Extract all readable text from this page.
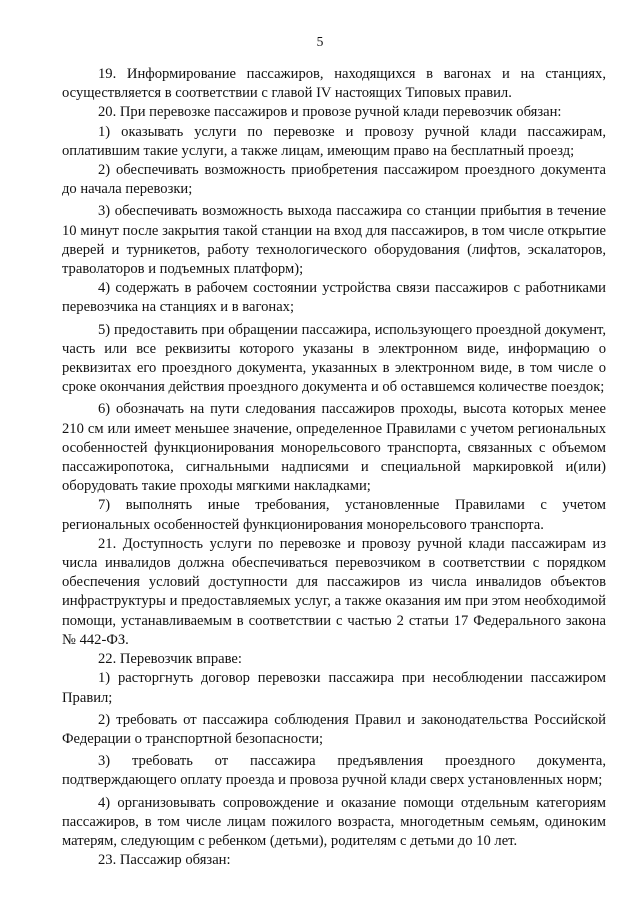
5

19. Информирование пассажиров, находящихся в вагонах и на станциях, осуществляется в соответствии с главой IV настоящих Типовых правил.

20. При перевозке пассажиров и провозе ручной клади перевозчик обязан:

1) оказывать услуги по перевозке и провозу ручной клади пассажирам, оплатившим такие услуги, а также лицам, имеющим право на бесплатный проезд;

2) обеспечивать возможность приобретения пассажиром проездного документа до начала перевозки;

3) обеспечивать возможность выхода пассажира со станции прибытия в течение 10 минут после закрытия такой станции на вход для пассажиров, в том числе открытие дверей и турникетов, работу технологического оборудования (лифтов, эскалаторов, траволаторов и подъемных платформ);

4) содержать в рабочем состоянии устройства связи пассажиров с работниками перевозчика на станциях и в вагонах;

5) предоставить при обращении пассажира, использующего проездной документ, часть или все реквизиты которого указаны в электронном виде, информацию о реквизитах его проездного документа, указанных в электронном виде, в том числе о сроке окончания действия проездного документа и об оставшемся количестве поездок;

6) обозначать на пути следования пассажиров проходы, высота которых менее 210 см или имеет меньшее значение, определенное Правилами с учетом региональных особенностей функционирования монорельсового транспорта, связанных с объемом пассажиропотока, сигнальными надписями и специальной маркировкой и(или) оборудовать такие проходы мягкими накладками;

7) выполнять иные требования, установленные Правилами с учетом региональных особенностей функционирования монорельсового транспорта.

21. Доступность услуги по перевозке и провозу ручной клади пассажирам из числа инвалидов должна обеспечиваться перевозчиком в соответствии с порядком обеспечения условий доступности для пассажиров из числа инвалидов объектов инфраструктуры и предоставляемых услуг, а также оказания им при этом необходимой помощи, устанавливаемым в соответствии с частью 2 статьи 17 Федерального закона № 442-ФЗ.

22. Перевозчик вправе:

1) расторгнуть договор перевозки пассажира при несоблюдении пассажиром Правил;

2) требовать от пассажира соблюдения Правил и законодательства Российской Федерации о транспортной безопасности;

3) требовать от пассажира предъявления проездного документа, подтверждающего оплату проезда и провоза ручной клади сверх установленных норм;

4) организовывать сопровождение и оказание помощи отдельным категориям пассажиров, в том числе лицам пожилого возраста, многодетным семьям, одиноким матерям, следующим с ребенком (детьми), родителям с детьми до 10 лет.

23. Пассажир обязан:
